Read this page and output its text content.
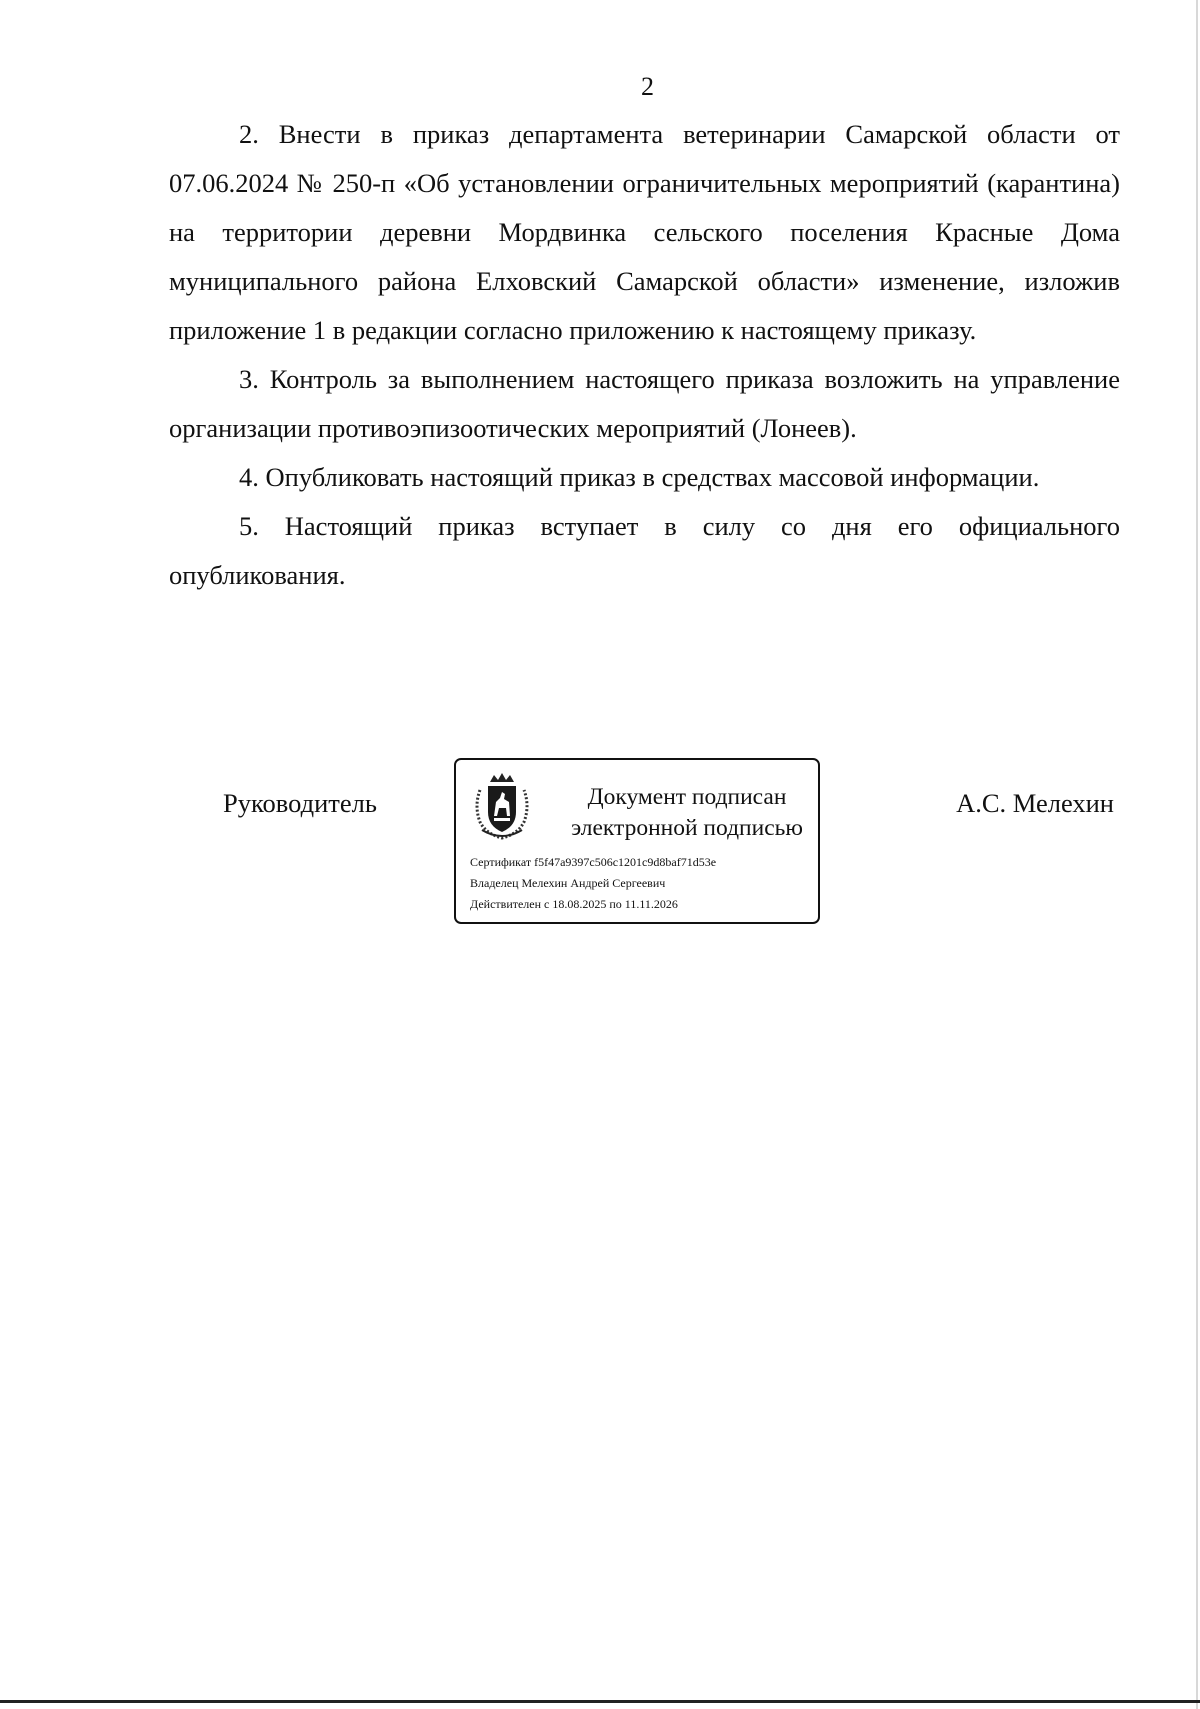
2

2. Внести в приказ департамента ветеринарии Самарской области от 07.06.2024 № 250-п «Об установлении ограничительных мероприятий (карантина) на территории деревни Мордвинка сельского поселения Красные Дома муниципального района Елховский Самарской области» изменение, изложив приложение 1 в редакции согласно приложению к настоящему приказу.

3. Контроль за выполнением настоящего приказа возложить на управление организации противоэпизоотических мероприятий (Лонеев).

4. Опубликовать настоящий приказ в средствах массовой информации.

5. Настоящий приказ вступает в силу со дня его официального опубликования.

Руководитель	Документ подписан
электронной подписью
Сертификат f5f47a9397c506c1201c9d8baf71d53e
Владелец Мелехин Андрей Сергеевич
Действителен с 18.08.2025 по 11.11.2026
А.С. Мелехин
